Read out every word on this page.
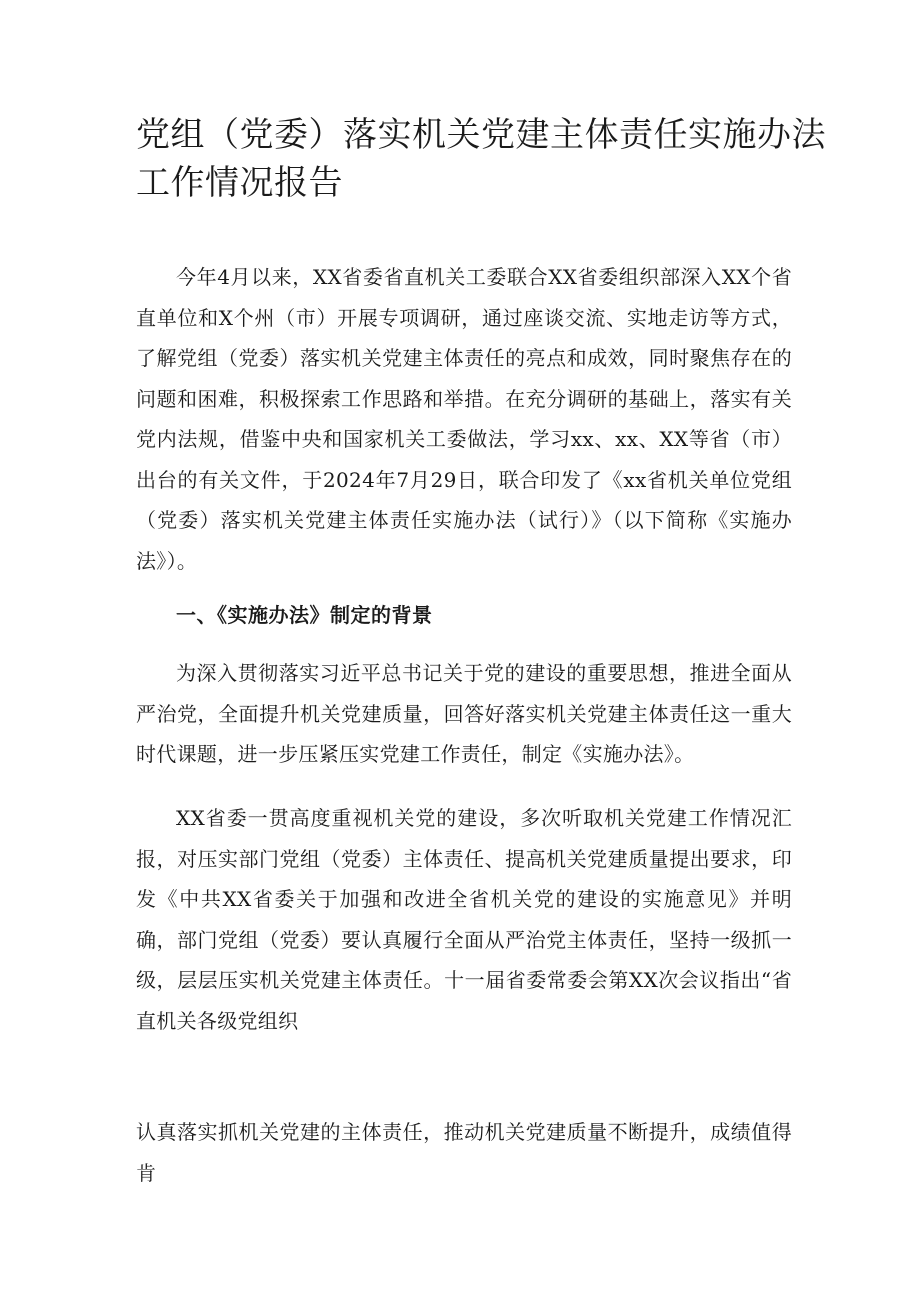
党组（党委）落实机关党建主体责任实施办法
工作情况报告

今年4月以来，XX省委省直机关工委联合XX省委组织部深入XX个省直单位和X个州（市）开展专项调研，通过座谈交流、实地走访等方式，了解党组（党委）落实机关党建主体责任的亮点和成效，同时聚焦存在的问题和困难，积极探索工作思路和举措。在充分调研的基础上，落实有关党内法规，借鉴中央和国家机关工委做法，学习xx、xx、XX等省（市）出台的有关文件，于2024年7月29日，联合印发了《xx省机关单位党组（党委）落实机关党建主体责任实施办法（试行）》（以下简称《实施办法》）。

一、《实施办法》制定的背景

为深入贯彻落实习近平总书记关于党的建设的重要思想，推进全面从严治党，全面提升机关党建质量，回答好落实机关党建主体责任这一重大时代课题，进一步压紧压实党建工作责任，制定《实施办法》。

XX省委一贯高度重视机关党的建设，多次听取机关党建工作情况汇报，对压实部门党组（党委）主体责任、提高机关党建质量提出要求，印发《中共XX省委关于加强和改进全省机关党的建设的实施意见》并明确，部门党组（党委）要认真履行全面从严治党主体责任，坚持一级抓一级，层层压实机关党建主体责任。十一届省委常委会第XX次会议指出“省直机关各级党组织

认真落实抓机关党建的主体责任，推动机关党建质量不断提升，成绩值得肯
